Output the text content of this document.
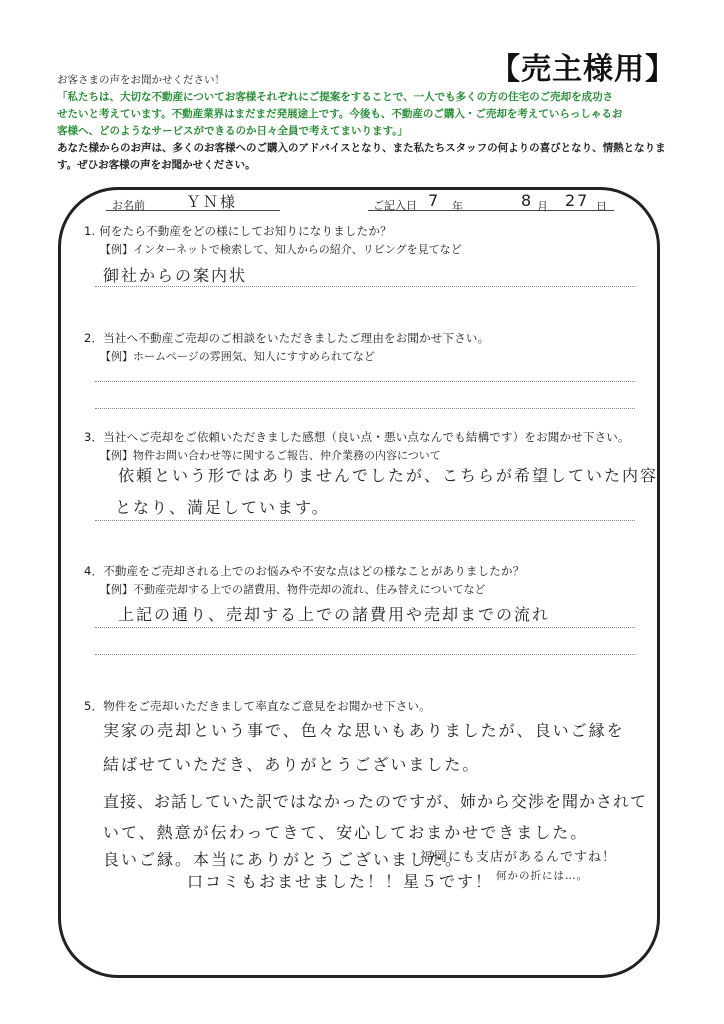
【売主様用】
お客さまの声をお聞かせください！
「私たちは、大切な不動産についてお客様それぞれにご提案をすることで、一人でも多くの方の住宅のご売却を成功さ
せたいと考えています。不動産業界はまだまだ発展途上です。今後も、不動産のご購入・ご売却を考えていらっしゃるお
客様へ、どのようなサービスができるのか日々全員で考えてまいります。」
あなた様からのお声は、多くのお客様へのご購入のアドバイスとなり、また私たちスタッフの何よりの喜びとなり、情熱となりま
す。ぜひお客様の声をお聞かせください。
お名前	ＹＮ様	ご記入日 7 年	8 月 27 日
1. 何をたら不動産をどの様にしてお知りになりましたか？
【例】インターネットで検索して、知人からの紹介、リビングを見てなど
御社からの案内状
2．当社へ不動産ご売却のご相談をいただきましたご理由をお聞かせ下さい。
【例】ホームページの雰囲気、知人にすすめられてなど
3．当社へご売却をご依頼いただきました感想（良い点・悪い点なんでも結構です）をお聞かせ下さい。
【例】物件お問い合わせ等に関するご報告、仲介業務の内容について
依頼という形ではありませんでしたが、こちらが希望していた内容
となり、満足しています。
4．不動産をご売却される上でのお悩みや不安な点はどの様なことがありましたか？
【例】不動産売却する上での諸費用、物件売却の流れ、住み替えについてなど
上記の通り、売却する上での諸費用や売却までの流れ
5．物件をご売却いただきまして率直なご意見をお聞かせ下さい。
実家の売却という事で、色々な思いもありましたが、良いご縁を
結ばせていただき、ありがとうございました。
直接、お話していた訳ではなかったのですが、姉から交渉を聞かされて
いて、熱意が伝わってきて、安心しておまかせできました。
良いご縁。本当にありがとうございました。
福岡にも支店があるんですね！
口コミもおませました！！星５です！ 何かの折には…。
